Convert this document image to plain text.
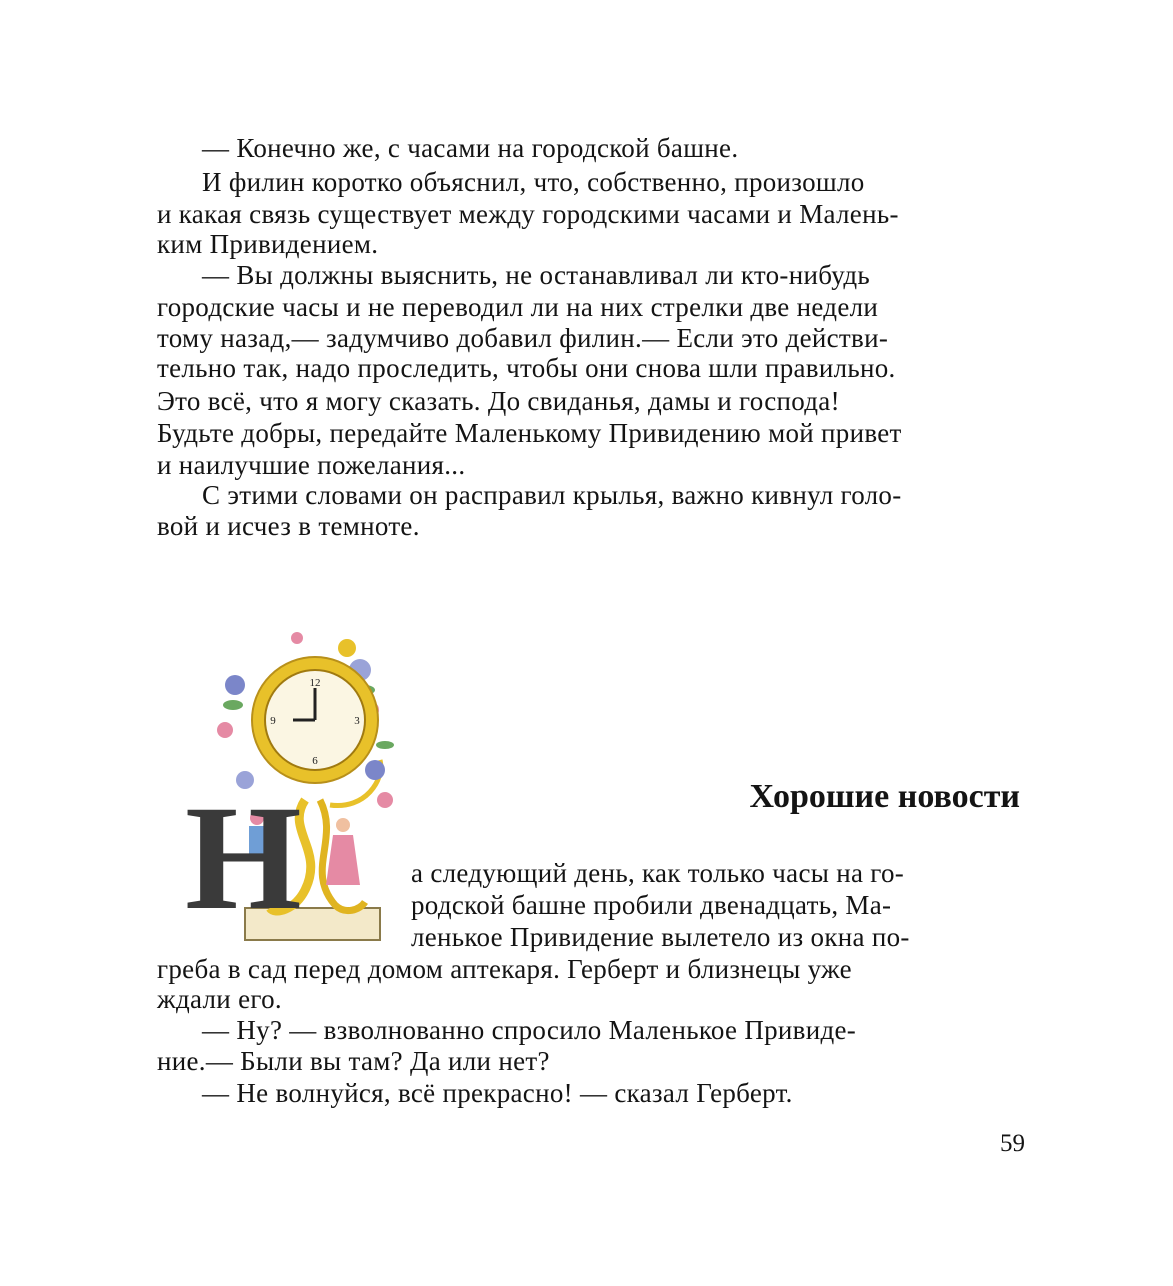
— Конечно же, с часами на городской башне.
И филин коротко объяснил, что, собственно, произошло
и какая связь существует между городскими часами и Малень-
ким Привидением.
— Вы должны выяснить, не останавливал ли кто-нибудь
городские часы и не переводил ли на них стрелки две недели
тому назад,— задумчиво добавил филин.— Если это действи-
тельно так, надо проследить, чтобы они снова шли правильно.
Это всё, что я могу сказать. До свиданья, дамы и господа!
Будьте добры, передайте Маленькому Привидению мой привет
и наилучшие пожелания...
С этими словами он расправил крылья, важно кивнул голо-
вой и исчез в темноте.
12
3
6
9
Н	Хорошие новости
а следующий день, как только часы на го-
родской башне пробили двенадцать, Ма-
ленькое Привидение вылетело из окна по-
греба в сад перед домом аптекаря. Герберт и близнецы уже
ждали его.
— Ну? — взволнованно спросило Маленькое Привиде-
ние.— Были вы там? Да или нет?
— Не волнуйся, всё прекрасно! — сказал Герберт.
59
